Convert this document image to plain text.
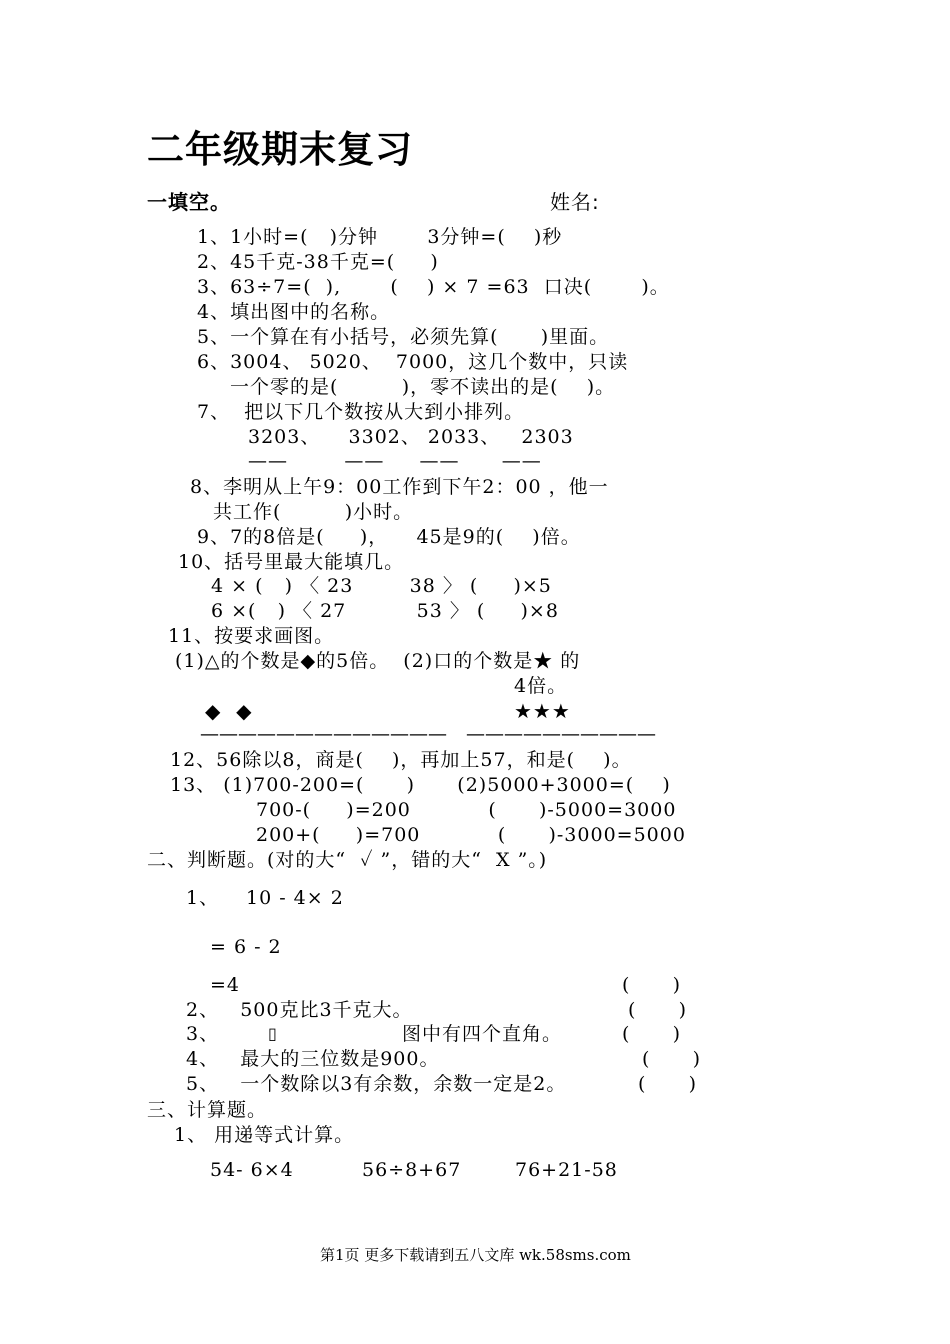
二年级期末复习
一填空。	姓名:
1、1小时=(   )分钟       3分钟=(    )秒
2、45千克-38千克=(     )
3、63÷7=(  ),       (    ) × 7 =63  口决(       )。
4、填出图中的名称。
5、一个算在有小括号，必须先算(      )里面。
6、3004、 5020、  7000，这几个数中，只读
一个零的是(         )，零不读出的是(    )。
7、  把以下几个数按从大到小排列。
3203、    3302、 2033、   2303
——        ——     ——      ——
8、李明从上午9：00工作到下午2：00 ，他一
共工作(         )小时。
9、7的8倍是(     )，    45是9的(    )倍。
10、括号里最大能填几。
4 × (   ) 〈 23        38 〉 (     )×5
6 ×(   ) 〈 27          53 〉 (     )×8
11、按要求画图。
(1)△的个数是◆的5倍。  (2)口的个数是★ 的
4倍。
◆  ◆	★★★
————————————— ——————————
12、56除以8，商是(    )，再加上57，和是(    )。
13、 (1)700-200=(      )      (2)5000+3000=(    )
700-(     )=200           (      )-5000=3000
200+(     )=700           (      )-3000=5000
二、判断题。(对的大“  ✓ ”，错的大“  X ”。)
1、 10 - 4× 2
= 6 - 2
=4	(      )
2、   500克比3千克大。	(      )
3、	▯	图中有四个直角。	(      )
4、   最大的三位数是900。	(      )
5、   一个数除以3有余数，余数一定是2。	(      )
三、计算题。
1、 用递等式计算。
54- 6×4	56÷8+67	76+21-58
第1页 更多下载请到五八文库 wk.58sms.com
